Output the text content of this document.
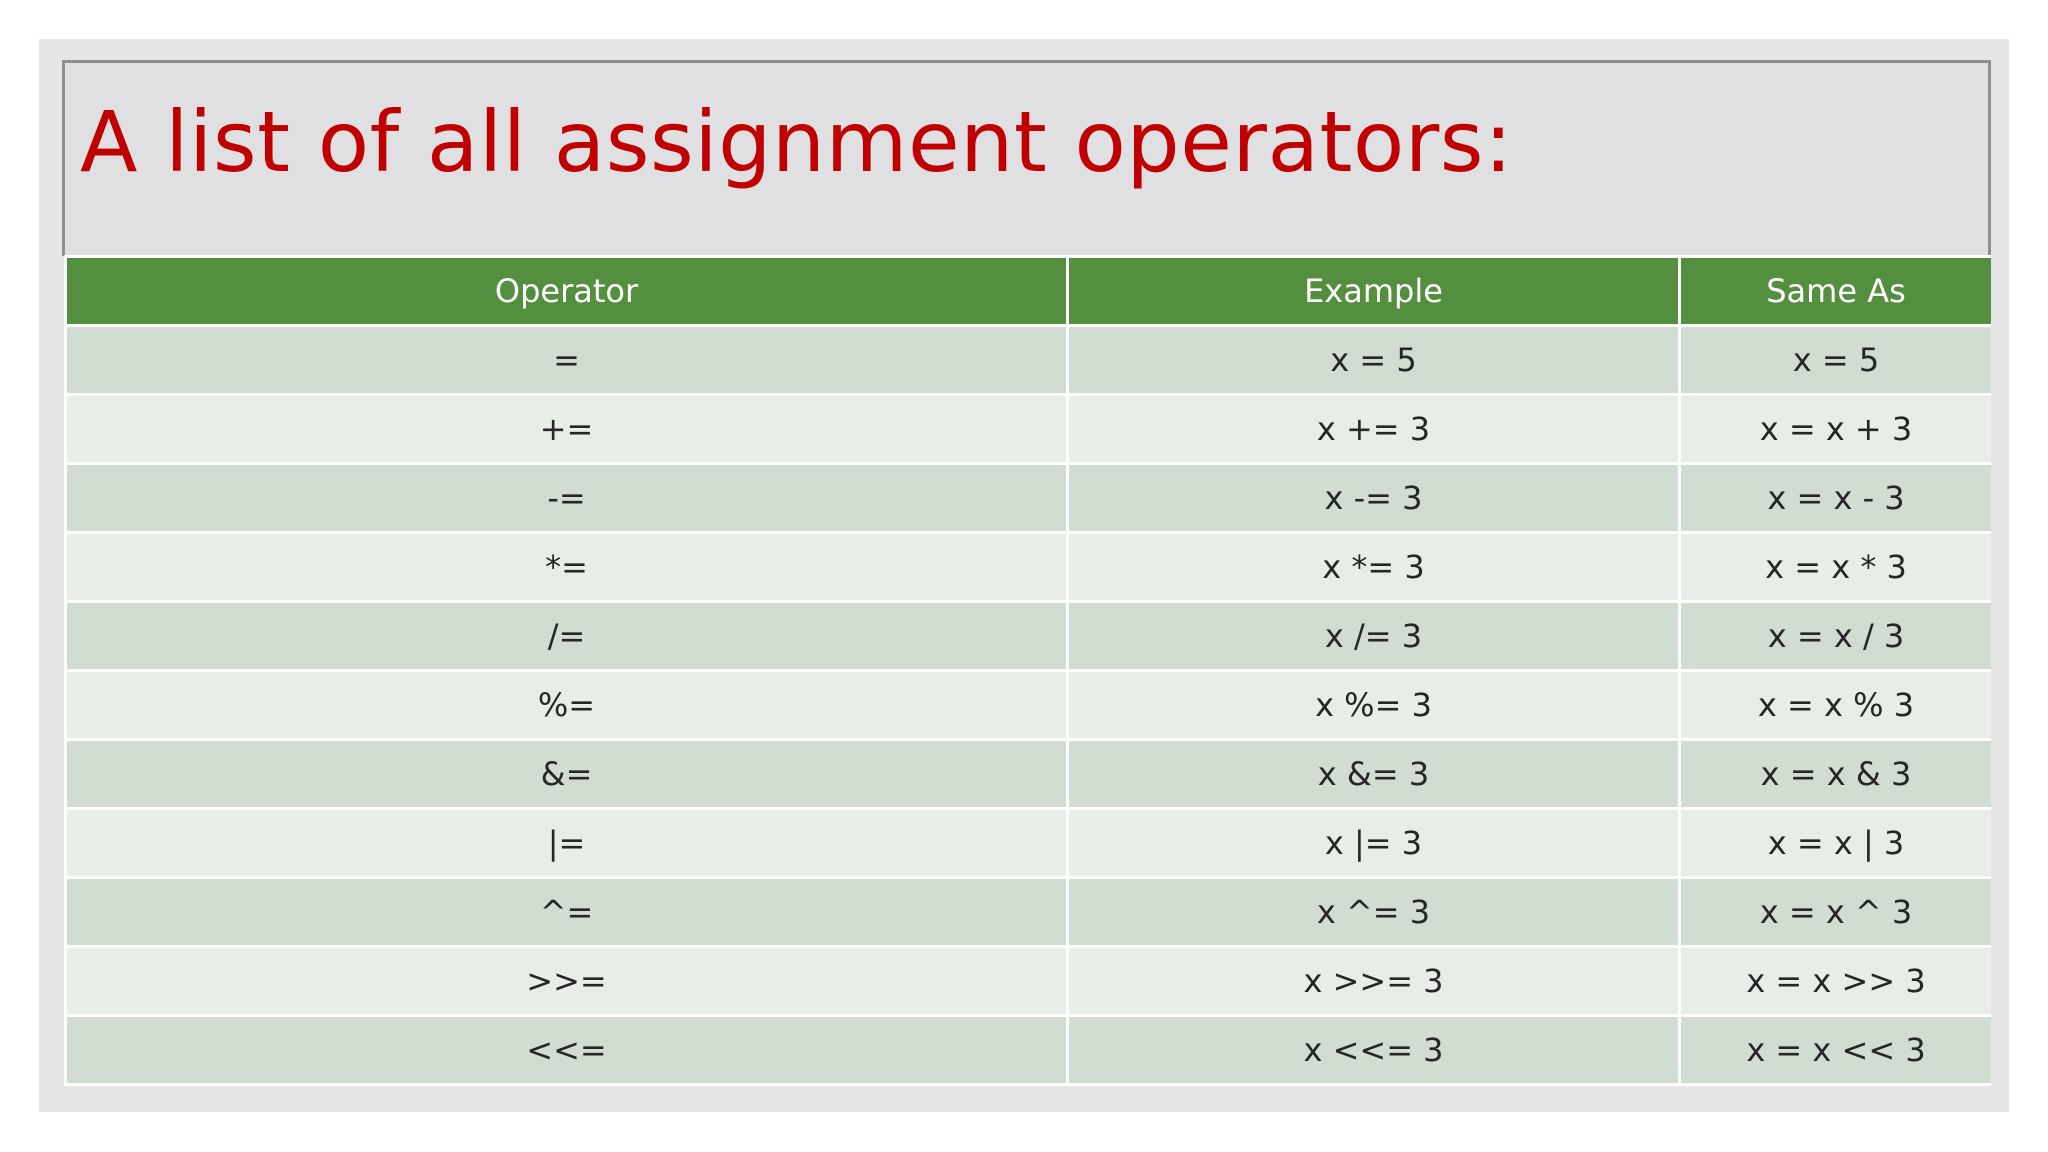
A list of all assignment operators:
Operator	Example	Same As
=	x = 5	x = 5
+=	x += 3	x = x + 3
-=	x -= 3	x = x - 3
*=	x *= 3	x = x * 3
/=	x /= 3	x = x / 3
%=	x %= 3	x = x % 3
&=	x &= 3	x = x & 3
|=	x |= 3	x = x | 3
^=	x ^= 3	x = x ^ 3
>>=	x >>= 3	x = x >> 3
<<=	x <<= 3	x = x << 3
